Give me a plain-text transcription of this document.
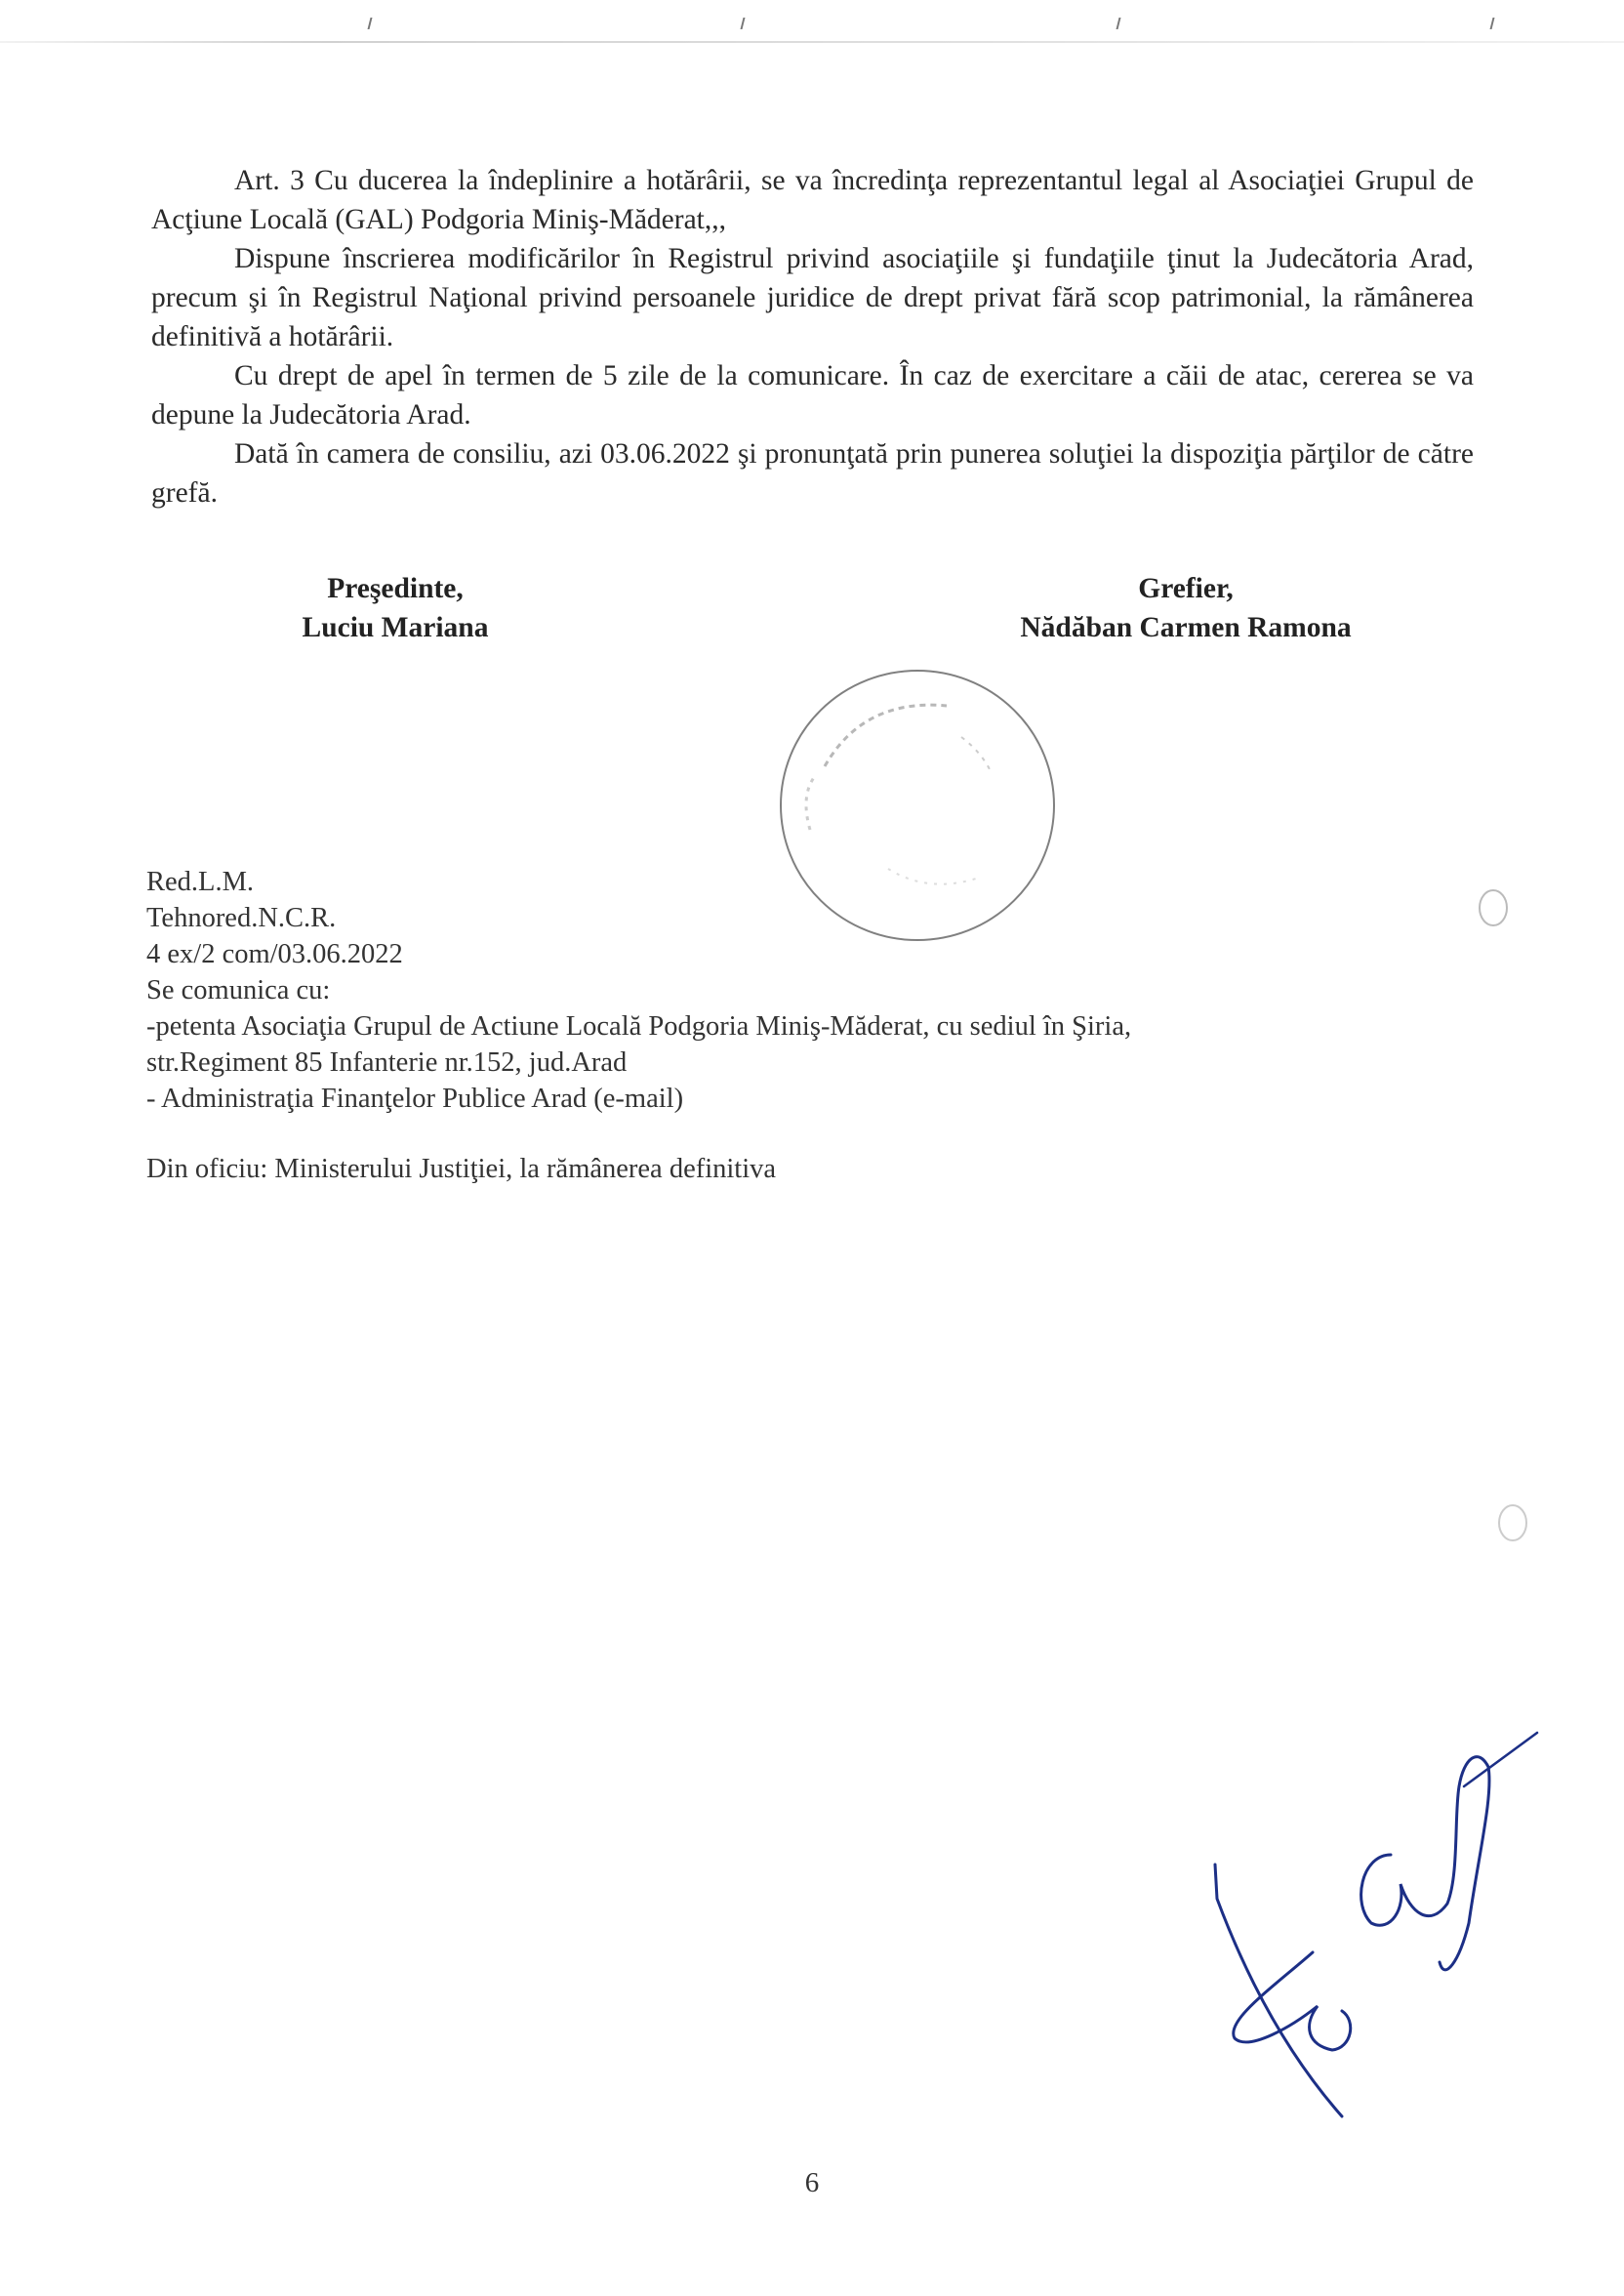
Art. 3 Cu ducerea la îndeplinire a hotărârii, se va încredinţa reprezentantul legal al Asociaţiei Grupul de Acţiune Locală (GAL) Podgoria Miniş-Măderat,,,

Dispune înscrierea modificărilor în Registrul privind asociaţiile şi fundaţiile ţinut la Judecătoria Arad, precum şi în Registrul Naţional privind persoanele juridice de drept privat fără scop patrimonial, la rămânerea definitivă a hotărârii.

Cu drept de apel în termen de 5 zile de la comunicare. În caz de exercitare a căii de atac, cererea se va depune la Judecătoria Arad.

Dată în camera de consiliu, azi 03.06.2022 şi pronunţată prin punerea soluţiei la dispoziţia părţilor de către grefă.

Preşedinte,
Luciu Mariana
Grefier,
Nădăban Carmen Ramona
Red.L.M.
Tehnored.N.C.R.
4 ex/2 com/03.06.2022
Se comunica cu:
-petenta Asociaţia Grupul de Actiune Locală Podgoria Miniş-Măderat, cu sediul în Şiria,
str.Regiment 85 Infanterie nr.152, jud.Arad
- Administraţia Finanţelor Publice Arad (e-mail)
Din oficiu: Ministerului Justiţiei, la rămânerea definitiva
6
